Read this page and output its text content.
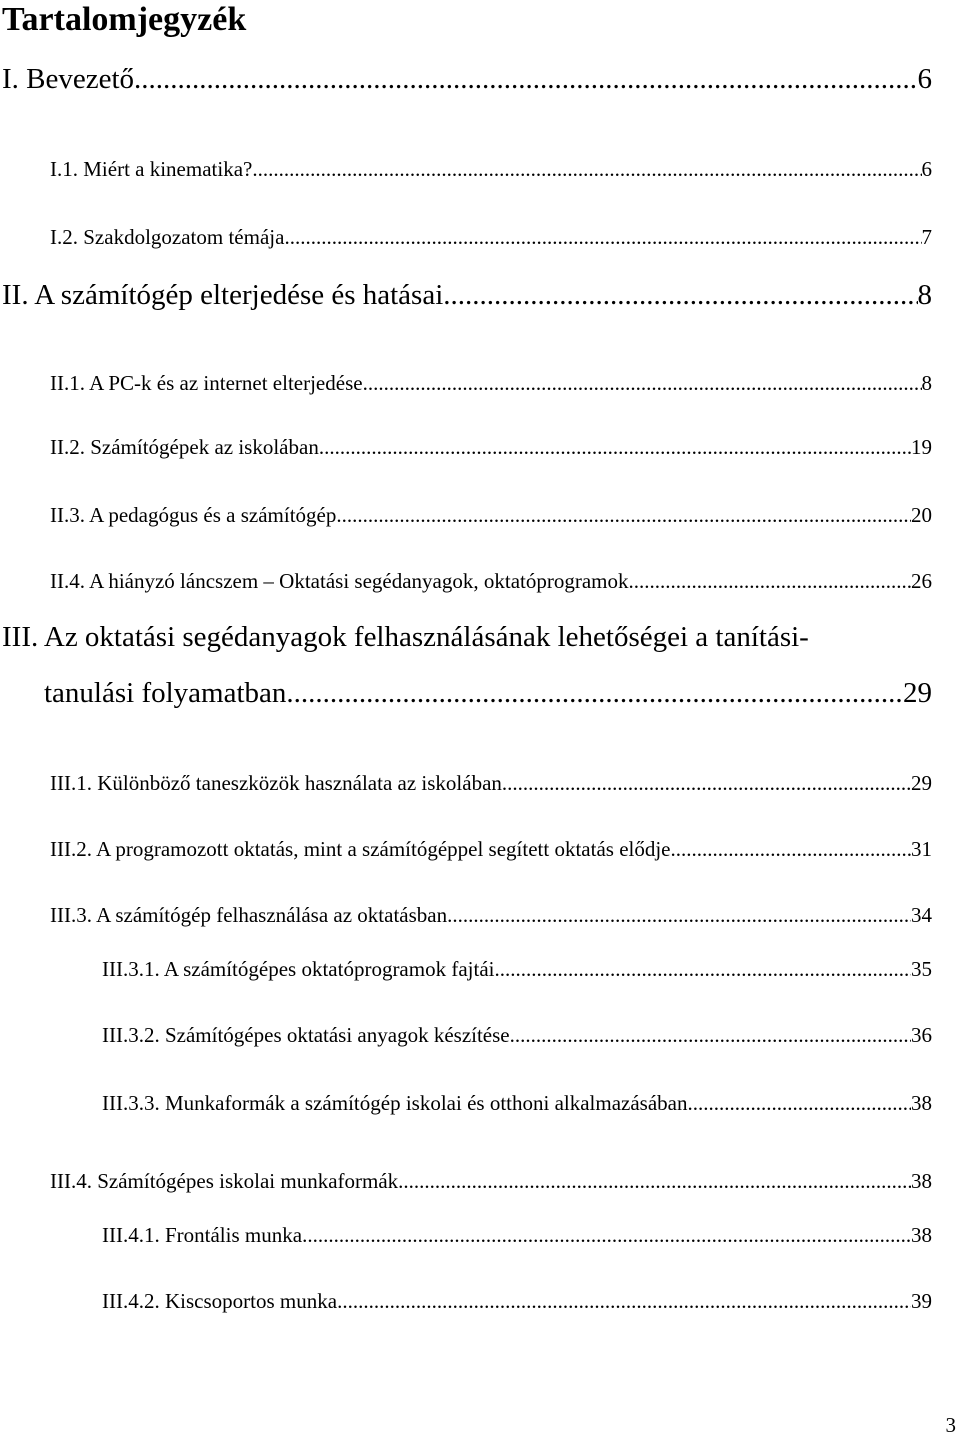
Tartalomjegyzék
I. Bevezető .....	6
I.1. Miért a kinematika? .....	6
I.2. Szakdolgozatom témája .....	7
II. A számítógép elterjedése és hatásai .....	8
II.1. A PC-k és az internet elterjedése .....	8
II.2. Számítógépek az iskolában .....	19
II.3. A pedagógus és a számítógép .....	20
II.4. A hiányzó láncszem – Oktatási segédanyagok, oktatóprogramok .....	26
III. Az oktatási segédanyagok felhasználásának lehetőségei a tanítási-
tanulási folyamatban .....	29
III.1. Különböző taneszközök használata az iskolában .....	29
III.2. A programozott oktatás, mint a számítógéppel segített oktatás elődje .....	31
III.3. A számítógép felhasználása az oktatásban .....	34
III.3.1. A számítógépes oktatóprogramok fajtái .....	35
III.3.2. Számítógépes oktatási anyagok készítése .....	36
III.3.3. Munkaformák a számítógép iskolai és otthoni alkalmazásában .....	38
III.4. Számítógépes iskolai munkaformák .....	38
III.4.1. Frontális munka .....	38
III.4.2. Kiscsoportos munka .....	39
3
